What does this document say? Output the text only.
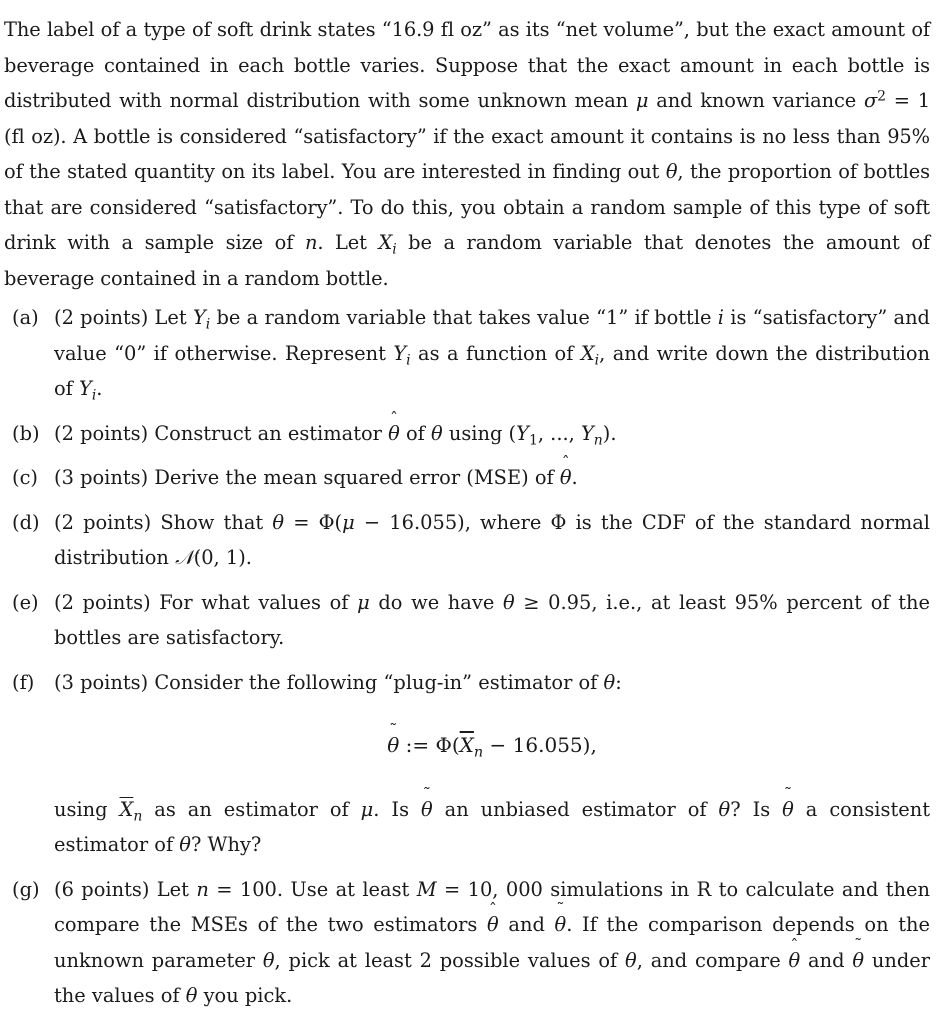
The label of a type of soft drink states “16.9 fl oz” as its “net volume”, but the exact amount of beverage contained in each bottle varies. Suppose that the exact amount in each bottle is distributed with normal distribution with some unknown mean μ and known variance $\sigma^2 = 1$ (fl oz). A bottle is considered “satisfactory” if the exact amount it contains is no less than 95% of the stated quantity on its label. You are interested in finding out θ, the proportion of bottles that are considered “satisfactory”. To do this, you obtain a random sample of this type of soft drink with a sample size of n. Let $X_i$ be a random variable that denotes the amount of beverage contained in a random bottle.

(a) (2 points) Let $Y_i$ be a random variable that takes value “1” if bottle i is “satisfactory” and value “0” if otherwise. Represent $Y_i$ as a function of $X_i$, and write down the distribution of $Y_i$.
(b) (2 points) Construct an estimator ˆ θ of θ using ($Y_1$, ..., $Y_n$).
(c) (3 points) Derive the mean squared error (MSE) of ˆ θ.
(d) (2 points) Show that θ = Φ(μ − 16.055), where Φ is the CDF of the standard normal distribution 𝒩(0, 1).
(e) (2 points) For what values of μ do we have θ ≥ 0.95, i.e., at least 95% percent of the bottles are satisfactory.
(f)	(3 points) Consider the following “plug-in” estimator of θ:
˜ θ := $\Phi(\overline{X}_n - 16.055)$,
using $\overline{X}_n$ as an estimator of μ. Is ˜ θ an unbiased estimator of θ? Is ˜ θ a consistent estimator of θ? Why?
(g) (6 points) Let n = 100. Use at least M = 10, 000 simulations in R to calculate and then compare the MSEs of the two estimators ˆ θ and ˜ θ. If the comparison depends on the unknown parameter θ, pick at least 2 possible values of θ, and compare ˆ θ and ˜ θ under the values of θ you pick.
